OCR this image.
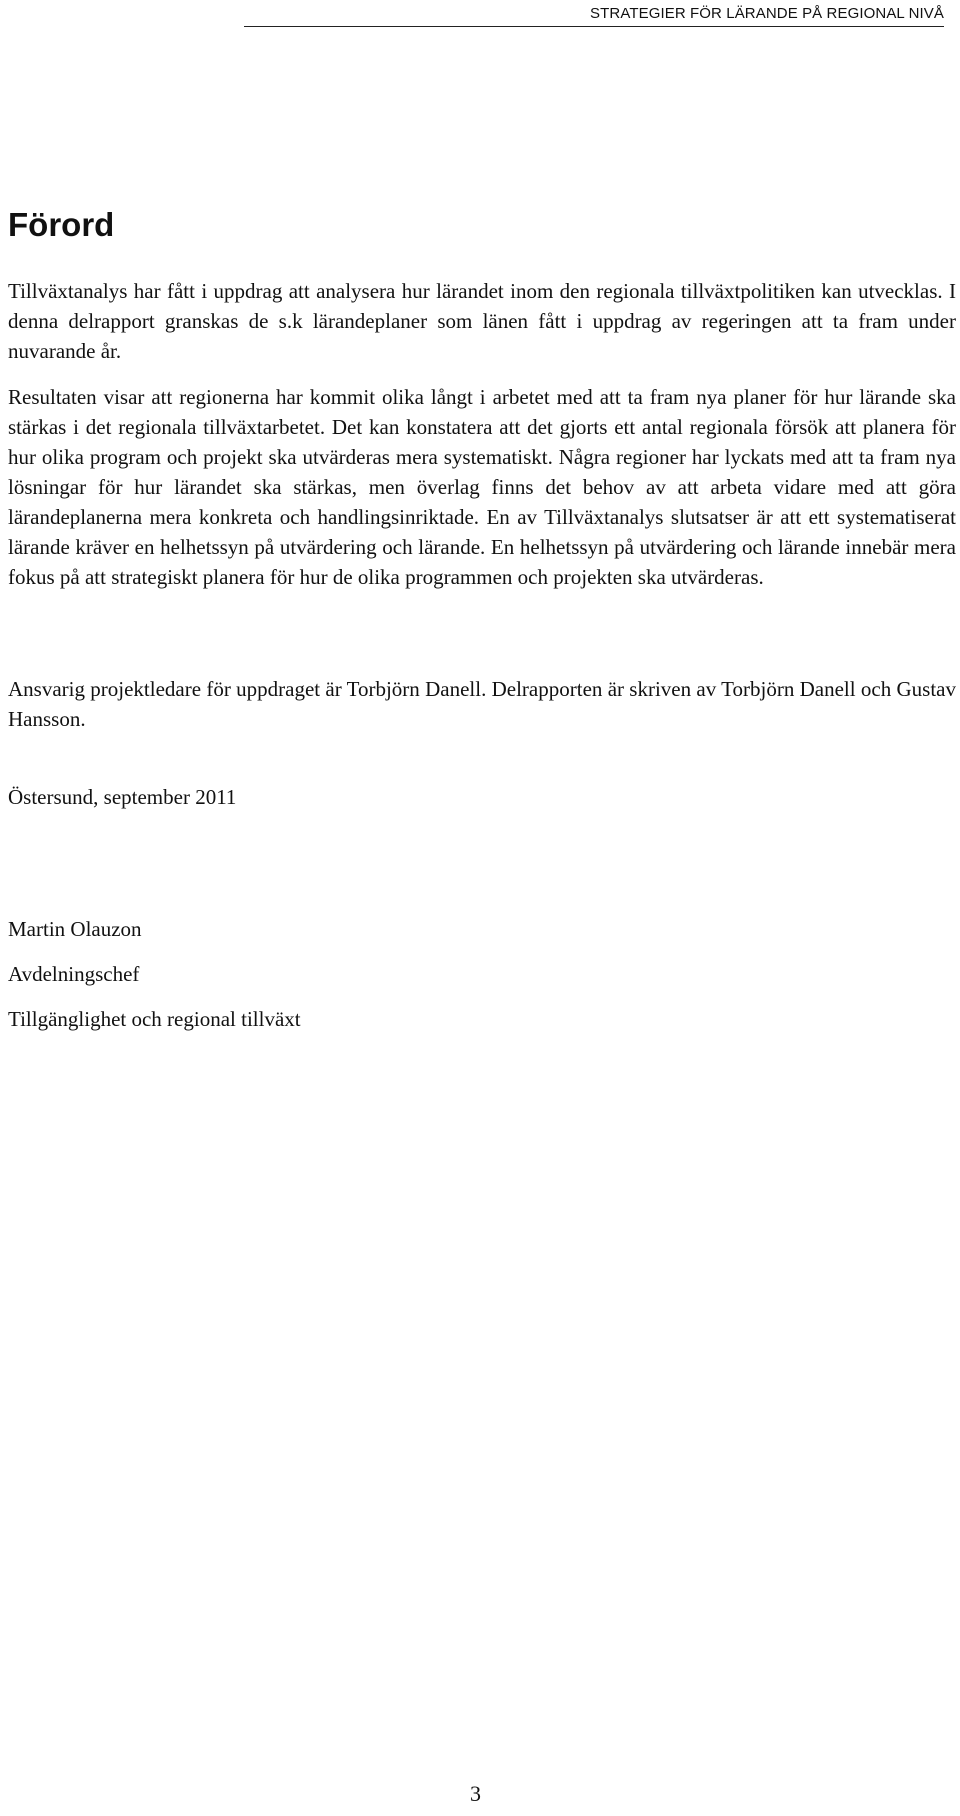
STRATEGIER FÖR LÄRANDE PÅ REGIONAL NIVÅ
Förord

Tillväxtanalys har fått i uppdrag att analysera hur lärandet inom den regionala tillväxtpolitiken kan utvecklas. I denna delrapport granskas de s.k lärandeplaner som länen fått i uppdrag av regeringen att ta fram under nuvarande år.

Resultaten visar att regionerna har kommit olika långt i arbetet med att ta fram nya planer för hur lärande ska stärkas i det regionala tillväxtarbetet. Det kan konstatera att det gjorts ett antal regionala försök att planera för hur olika program och projekt ska utvärderas mera systematiskt. Några regioner har lyckats med att ta fram nya lösningar för hur lärandet ska stärkas, men överlag finns det behov av att arbeta vidare med att göra lärandeplanerna mera konkreta och handlingsinriktade. En av Tillväxtanalys slutsatser är att ett systematiserat lärande kräver en helhetssyn på utvärdering och lärande. En helhetssyn på utvärdering och lärande innebär mera fokus på att strategiskt planera för hur de olika programmen och projekten ska utvärderas.

Ansvarig projektledare för uppdraget är Torbjörn Danell. Delrapporten är skriven av Torbjörn Danell och Gustav Hansson.

Östersund, september 2011

Martin Olauzon

Avdelningschef

Tillgänglighet och regional tillväxt

3
